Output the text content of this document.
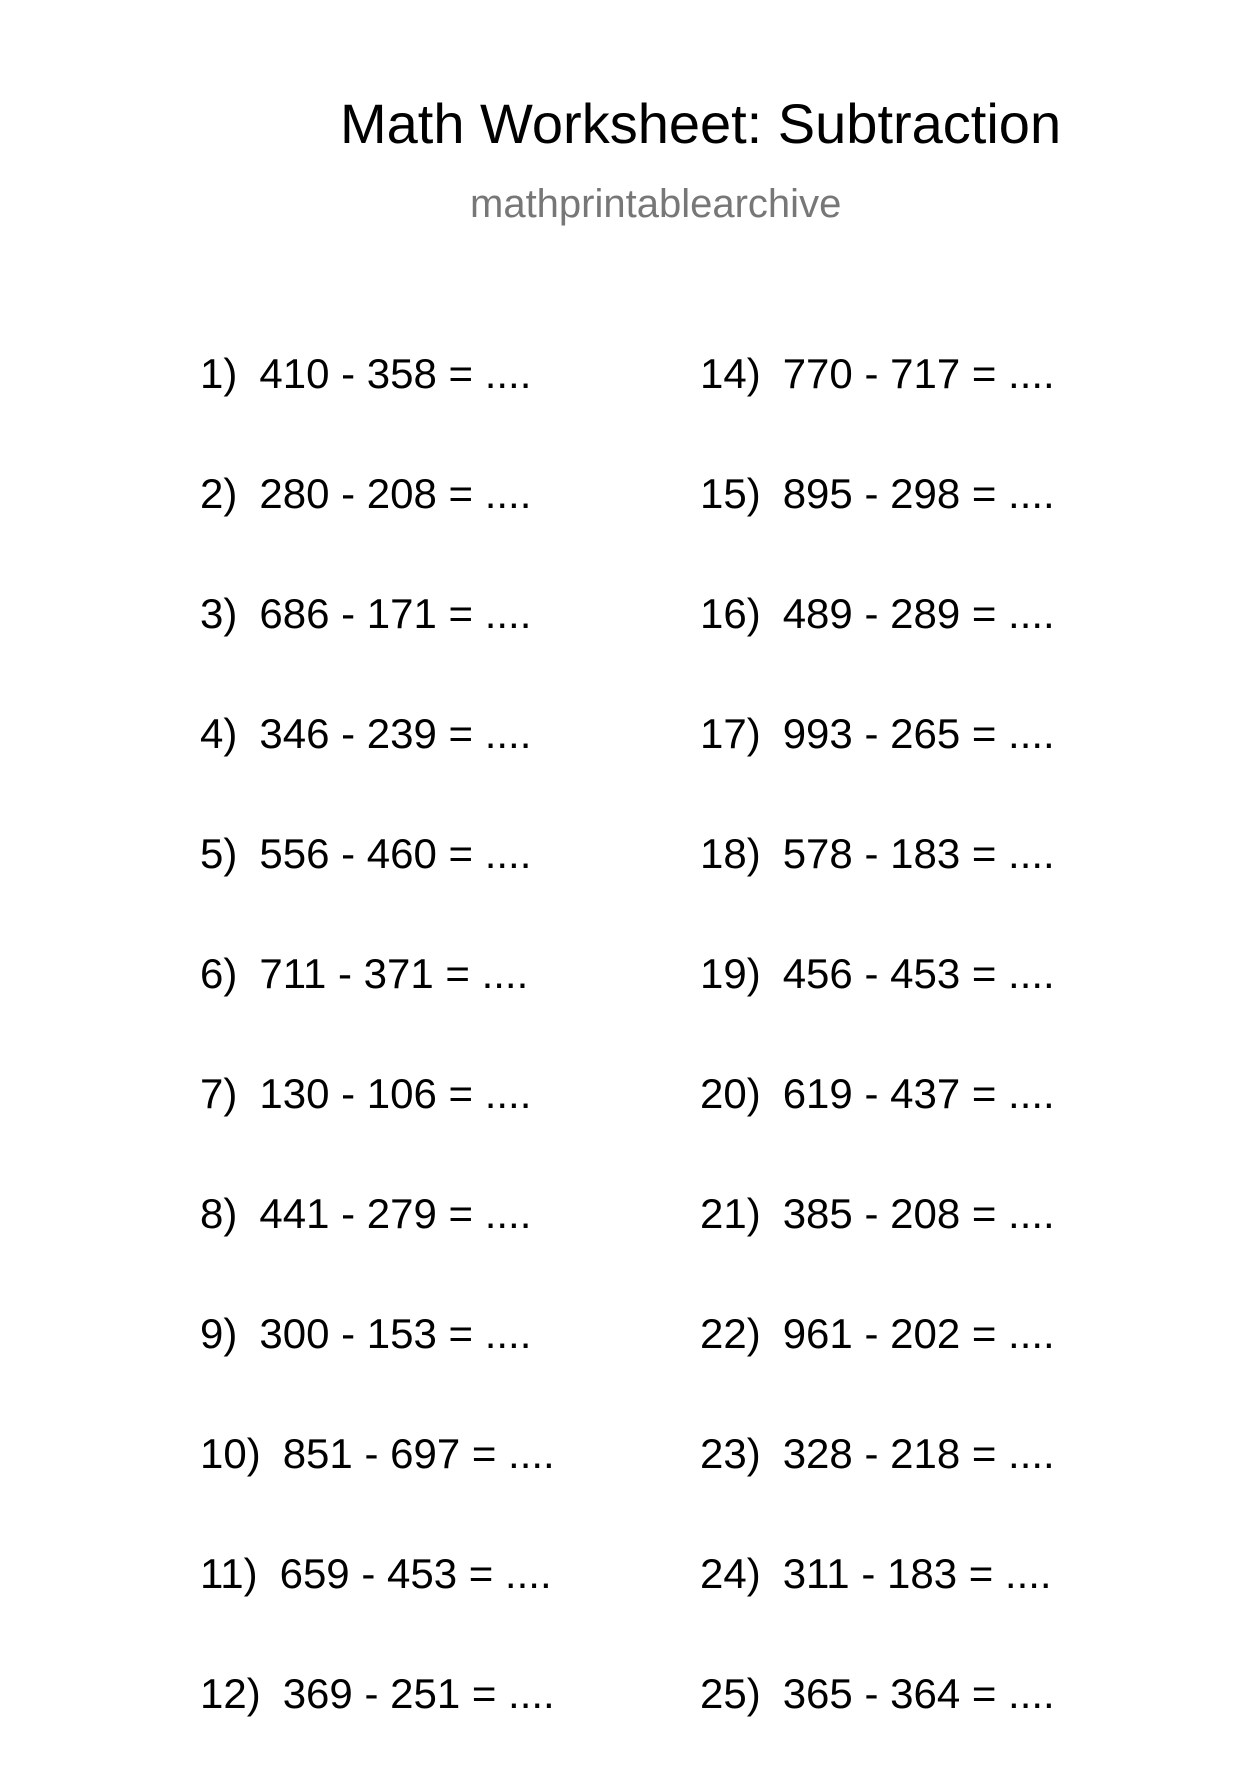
Math Worksheet: Subtraction
mathprintablearchive
1) 410 - 358 = ....
2) 280 - 208 = ....
3) 686 - 171 = ....
4) 346 - 239 = ....
5) 556 - 460 = ....
6) 711 - 371 = ....
7) 130 - 106 = ....
8) 441 - 279 = ....
9) 300 - 153 = ....
10) 851 - 697 = ....
11) 659 - 453 = ....
12) 369 - 251 = ....
14) 770 - 717 = ....
15) 895 - 298 = ....
16) 489 - 289 = ....
17) 993 - 265 = ....
18) 578 - 183 = ....
19) 456 - 453 = ....
20) 619 - 437 = ....
21) 385 - 208 = ....
22) 961 - 202 = ....
23) 328 - 218 = ....
24) 311 - 183 = ....
25) 365 - 364 = ....
